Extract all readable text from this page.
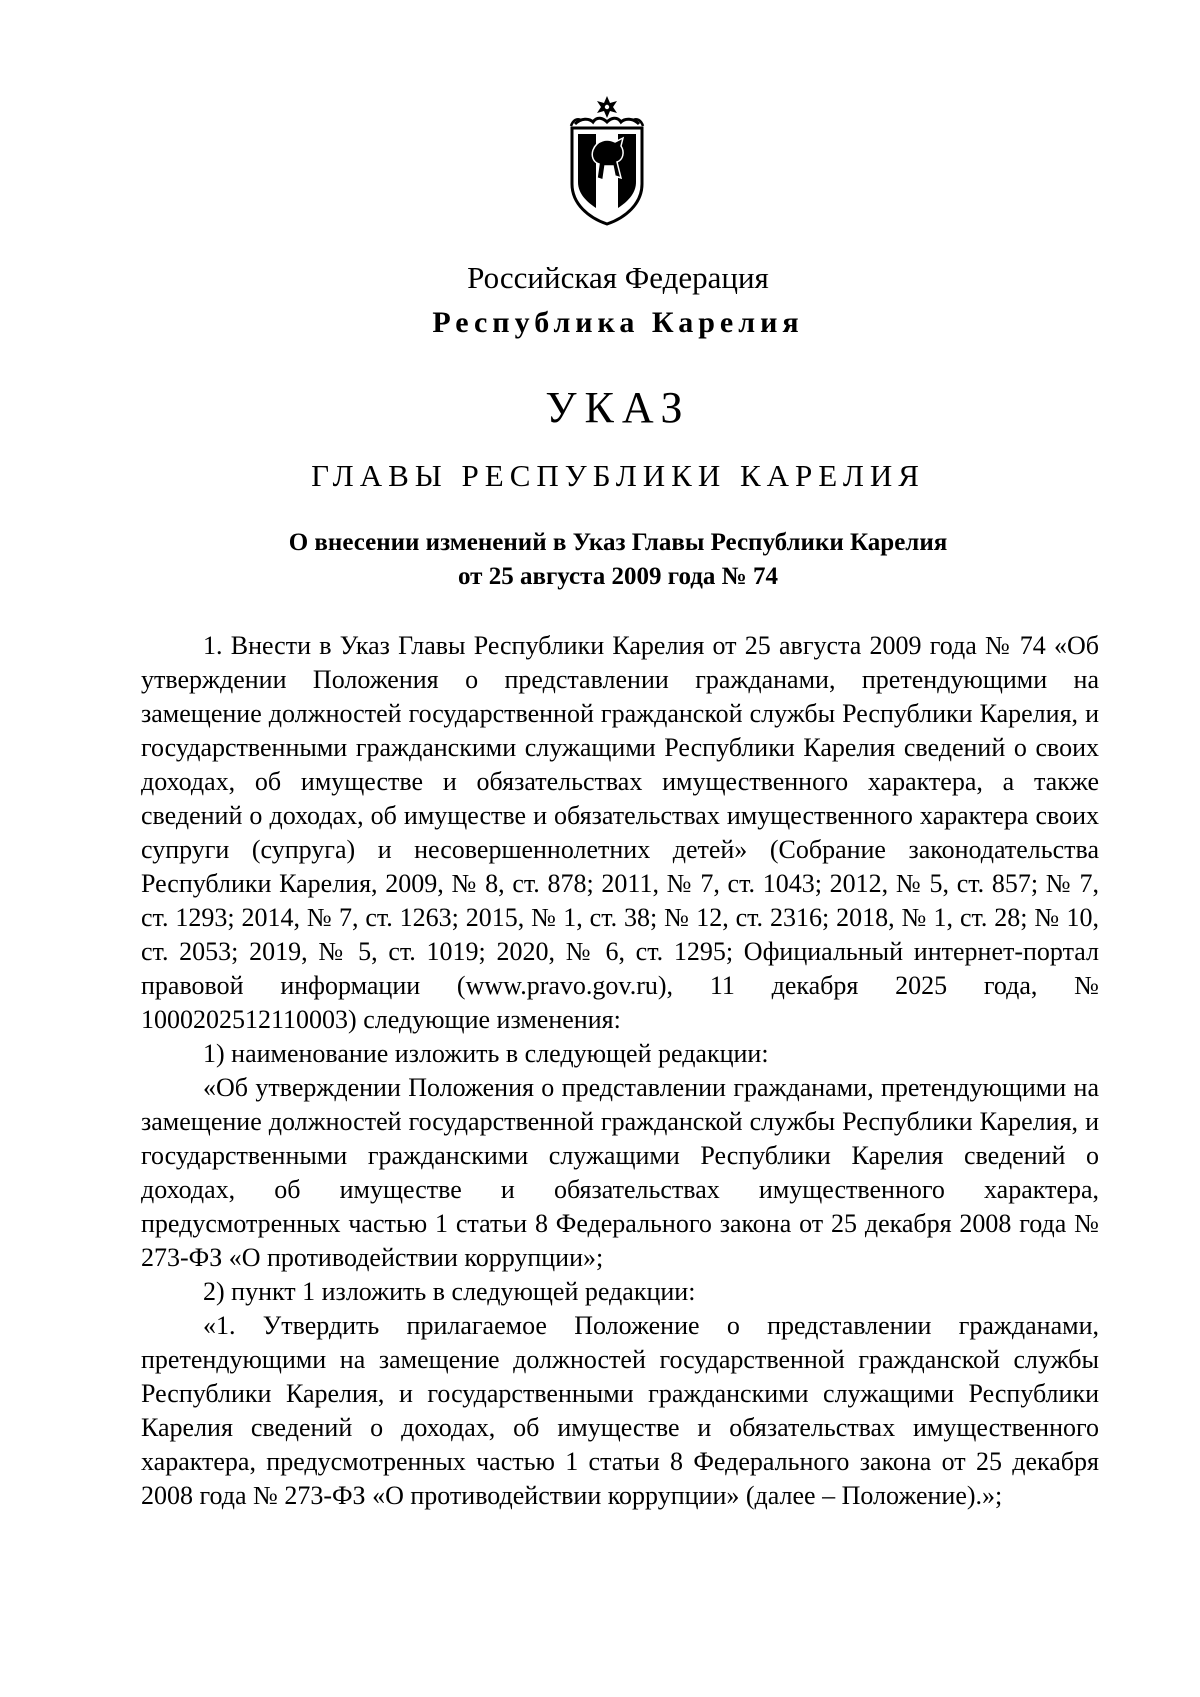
Российская Федерация
Республика Карелия
УКАЗ
ГЛАВЫ РЕСПУБЛИКИ КАРЕЛИЯ
О внесении изменений в Указ Главы Республики Карелия
от 25 августа 2009 года № 74

1. Внести в Указ Главы Республики Карелия от 25 августа 2009 года № 74 «Об утверждении Положения о представлении гражданами, претендующими на замещение должностей государственной гражданской службы Республики Карелия, и государственными гражданскими служащими Республики Карелия сведений о своих доходах, об имуществе и обязательствах имущественного характера, а также сведений о доходах, об имуществе и обязательствах имущественного характера своих супруги (супруга) и несовершеннолетних детей» (Собрание законодательства Республики Карелия, 2009, № 8, ст. 878; 2011, № 7, ст. 1043; 2012, № 5, ст. 857; № 7, ст. 1293; 2014, № 7, ст. 1263; 2015, № 1, ст. 38; № 12, ст. 2316; 2018, № 1, ст. 28; № 10, ст. 2053; 2019, № 5, ст. 1019; 2020, № 6, ст. 1295; Официальный интернет-портал правовой информации (www.pravo.gov.ru), 11 декабря 2025 года, № 1000202512110003) следующие изменения:

1) наименование изложить в следующей редакции:

«Об утверждении Положения о представлении гражданами, претендующими на замещение должностей государственной гражданской службы Республики Карелия, и государственными гражданскими служащими Республики Карелия сведений о доходах, об имуществе и обязательствах имущественного характера, предусмотренных частью 1 статьи 8 Федерального закона от 25 декабря 2008 года № 273-ФЗ «О противодействии коррупции»;

2) пункт 1 изложить в следующей редакции:

«1. Утвердить прилагаемое Положение о представлении гражданами, претендующими на замещение должностей государственной гражданской службы Республики Карелия, и государственными гражданскими служащими Республики Карелия сведений о доходах, об имуществе и обязательствах имущественного характера, предусмотренных частью 1 статьи 8 Федерального закона от 25 декабря 2008 года № 273-ФЗ «О противодействии коррупции» (далее – Положение).»;
